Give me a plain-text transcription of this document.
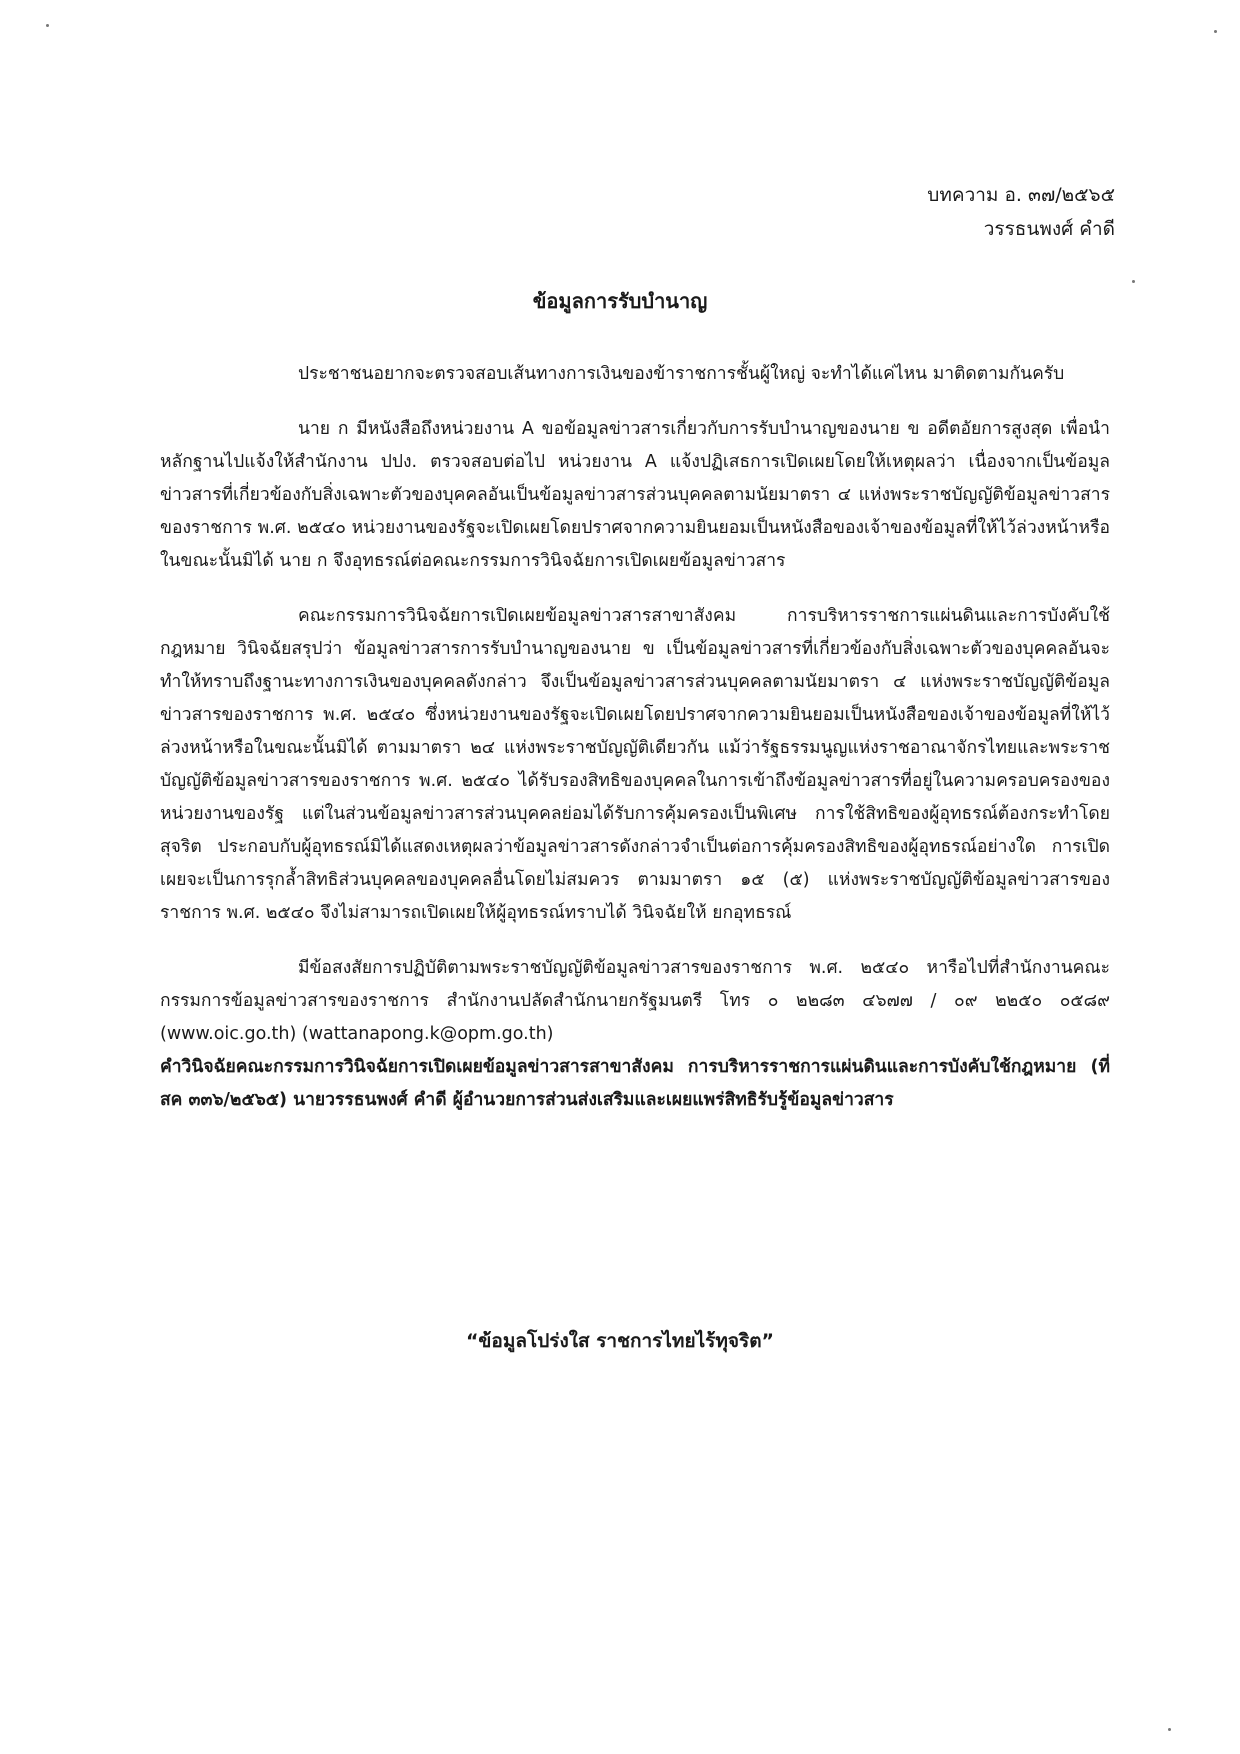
บทความ อ. ๓๗/๒๕๖๕
วรรธนพงศ์ คำดี
ข้อมูลการรับบำนาญ

ประชาชนอยากจะตรวจสอบเส้นทางการเงินของข้าราชการชั้นผู้ใหญ่ จะทำได้แค่ไหน มาติดตามกันครับ

นาย ก มีหนังสือถึงหน่วยงาน A ขอข้อมูลข่าวสารเกี่ยวกับการรับบำนาญของนาย ข อดีตอัยการสูงสุด เพื่อนำหลักฐานไปแจ้งให้สำนักงาน ปปง. ตรวจสอบต่อไป หน่วยงาน A แจ้งปฏิเสธการเปิดเผยโดยให้เหตุผลว่า เนื่องจากเป็นข้อมูลข่าวสารที่เกี่ยวข้องกับสิ่งเฉพาะตัวของบุคคลอันเป็นข้อมูลข่าวสารส่วนบุคคลตามนัยมาตรา ๔ แห่งพระราชบัญญัติข้อมูลข่าวสารของราชการ พ.ศ. ๒๕๔๐ หน่วยงานของรัฐจะเปิดเผยโดยปราศจากความยินยอมเป็นหนังสือของเจ้าของข้อมูลที่ให้ไว้ล่วงหน้าหรือในขณะนั้นมิได้ นาย ก จึงอุทธรณ์ต่อคณะกรรมการวินิจฉัยการเปิดเผยข้อมูลข่าวสาร

คณะกรรมการวินิจฉัยการเปิดเผยข้อมูลข่าวสารสาขาสังคม การบริหารราชการแผ่นดินและการบังคับใช้กฎหมาย วินิจฉัยสรุปว่า ข้อมูลข่าวสารการรับบำนาญของนาย ข เป็นข้อมูลข่าวสารที่เกี่ยวข้องกับสิ่งเฉพาะตัวของบุคคลอันจะทำให้ทราบถึงฐานะทางการเงินของบุคคลดังกล่าว จึงเป็นข้อมูลข่าวสารส่วนบุคคลตามนัยมาตรา ๔ แห่งพระราชบัญญัติข้อมูลข่าวสารของราชการ พ.ศ. ๒๕๔๐ ซึ่งหน่วยงานของรัฐจะเปิดเผยโดยปราศจากความยินยอมเป็นหนังสือของเจ้าของข้อมูลที่ให้ไว้ล่วงหน้าหรือในขณะนั้นมิได้ ตามมาตรา ๒๔ แห่งพระราชบัญญัติเดียวกัน แม้ว่ารัฐธรรมนูญแห่งราชอาณาจักรไทยและพระราชบัญญัติข้อมูลข่าวสารของราชการ พ.ศ. ๒๕๔๐ ได้รับรองสิทธิของบุคคลในการเข้าถึงข้อมูลข่าวสารที่อยู่ในความครอบครองของหน่วยงานของรัฐ แต่ในส่วนข้อมูลข่าวสารส่วนบุคคลย่อมได้รับการคุ้มครองเป็นพิเศษ การใช้สิทธิของผู้อุทธรณ์ต้องกระทำโดยสุจริต ประกอบกับผู้อุทธรณ์มิได้แสดงเหตุผลว่าข้อมูลข่าวสารดังกล่าวจำเป็นต่อการคุ้มครองสิทธิของผู้อุทธรณ์อย่างใด การเปิดเผยจะเป็นการรุกล้ำสิทธิส่วนบุคคลของบุคคลอื่นโดยไม่สมควร ตามมาตรา ๑๕ (๕) แห่งพระราชบัญญัติข้อมูลข่าวสารของราชการ พ.ศ. ๒๕๔๐ จึงไม่สามารถเปิดเผยให้ผู้อุทธรณ์ทราบได้ วินิจฉัยให้ ยกอุทธรณ์

มีข้อสงสัยการปฏิบัติตามพระราชบัญญัติข้อมูลข่าวสารของราชการ พ.ศ. ๒๕๔๐ หารือไปที่สำนักงานคณะกรรมการข้อมูลข่าวสารของราชการ สำนักงานปลัดสำนักนายกรัฐมนตรี โทร ๐ ๒๒๘๓ ๔๖๗๗ / ๐๙ ๒๒๕๐ ๐๕๘๙ (www.oic.go.th) (wattanapong.k@opm.go.th)

คำวินิจฉัยคณะกรรมการวินิจฉัยการเปิดเผยข้อมูลข่าวสารสาขาสังคม การบริหารราชการแผ่นดินและการบังคับใช้กฎหมาย (ที่ สค ๓๓๖/๒๕๖๕) นายวรรธนพงศ์ คำดี ผู้อำนวยการส่วนส่งเสริมและเผยแพร่สิทธิรับรู้ข้อมูลข่าวสาร

“ข้อมูลโปร่งใส ราชการไทยไร้ทุจริต”
